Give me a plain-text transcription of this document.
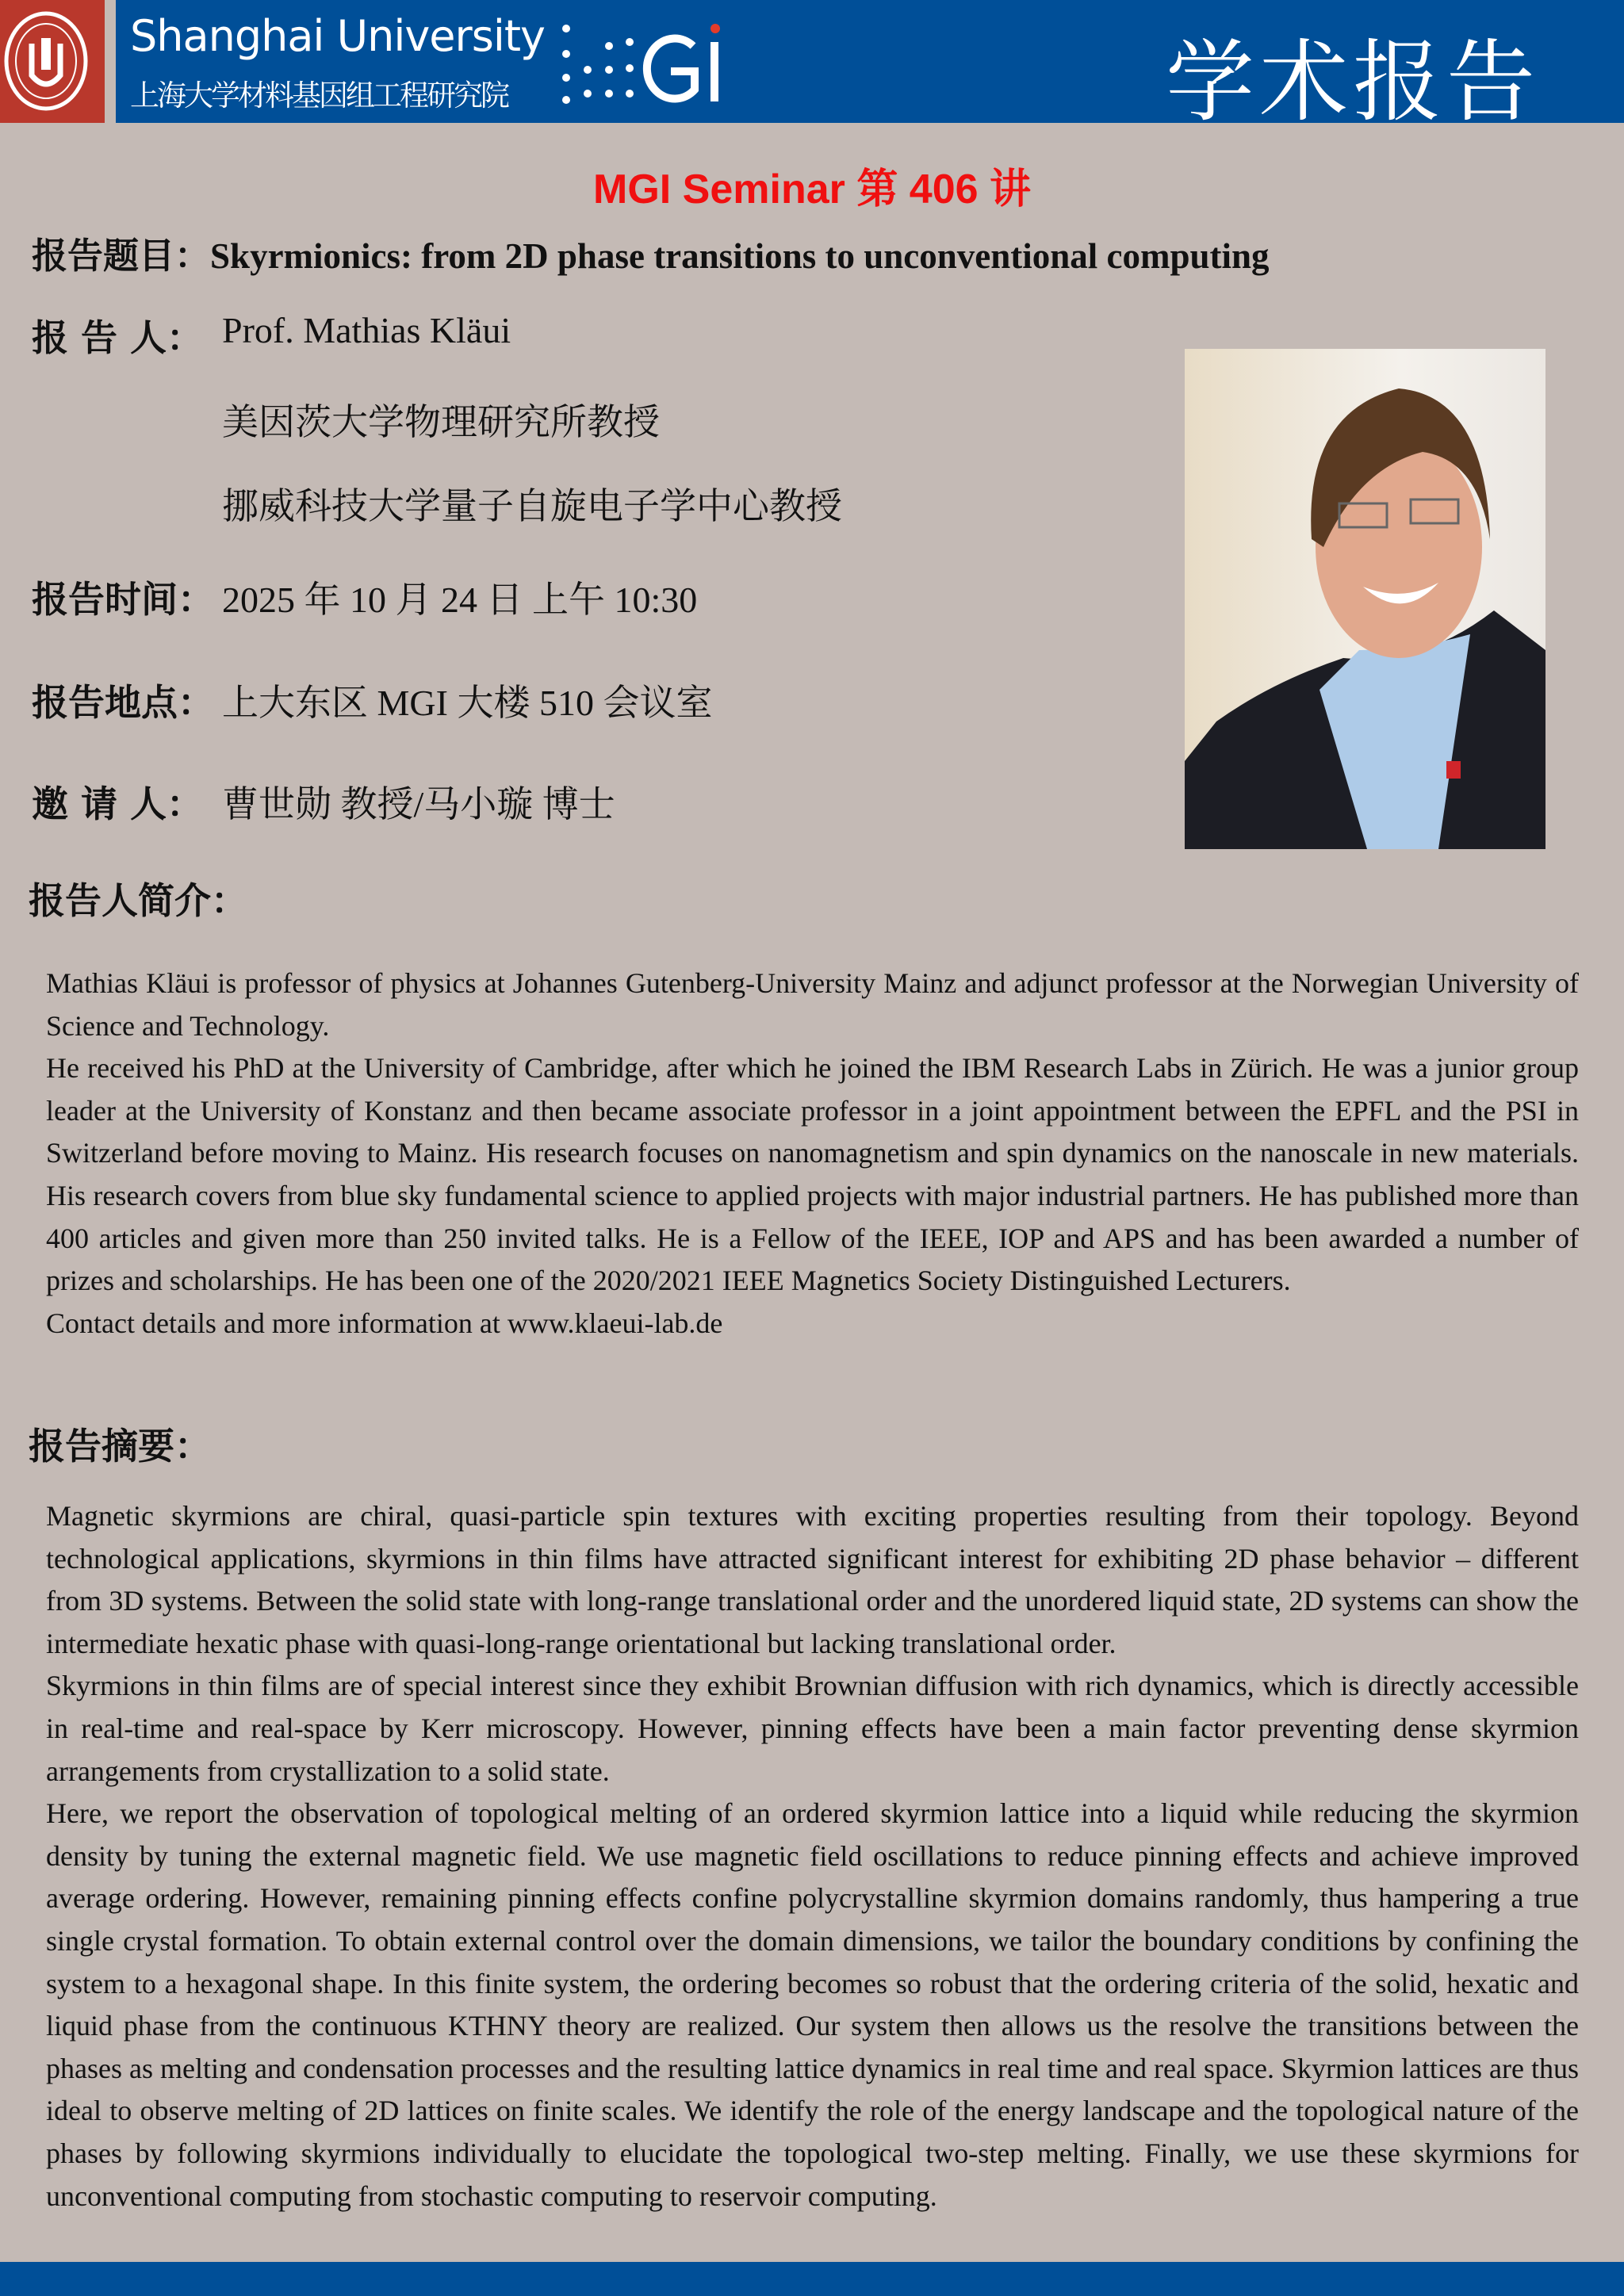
Shanghai University
上海大学材料基因组工程研究院	学术报告
MGI Seminar 第 406 讲
报告题目：Skyrmionics: from 2D phase transitions to unconventional computing
报 告 人： Prof. Mathias Kläui
美因茨大学物理研究所教授
挪威科技大学量子自旋电子学中心教授
报告时间： 2025 年 10 月 24 日 上午 10:30
报告地点： 上大东区 MGI 大楼 510 会议室
邀 请 人： 曹世勋 教授/马小璇 博士
报告人简介：

Mathias Kläui is professor of physics at Johannes Gutenberg-University Mainz and adjunct professor at the Norwegian University of Science and Technology.

He received his PhD at the University of Cambridge, after which he joined the IBM Research Labs in Zürich. He was a junior group leader at the University of Konstanz and then became associate professor in a joint appointment between the EPFL and the PSI in Switzerland before moving to Mainz. His research focuses on nanomagnetism and spin dynamics on the nanoscale in new materials. His research covers from blue sky fundamental science to applied projects with major industrial partners. He has published more than 400 articles and given more than 250 invited talks. He is a Fellow of the IEEE, IOP and APS and has been awarded a number of prizes and scholarships. He has been one of the 2020/2021 IEEE Magnetics Society Distinguished Lecturers.

Contact details and more information at www.klaeui-lab.de

报告摘要：

Magnetic skyrmions are chiral, quasi-particle spin textures with exciting properties resulting from their topology. Beyond technological applications, skyrmions in thin films have attracted significant interest for exhibiting 2D phase behavior – different from 3D systems. Between the solid state with long-range translational order and the unordered liquid state, 2D systems can show the intermediate hexatic phase with quasi-long-range orientational but lacking translational order.

Skyrmions in thin films are of special interest since they exhibit Brownian diffusion with rich dynamics, which is directly accessible in real-time and real-space by Kerr microscopy. However, pinning effects have been a main factor preventing dense skyrmion arrangements from crystallization to a solid state.

Here, we report the observation of topological melting of an ordered skyrmion lattice into a liquid while reducing the skyrmion density by tuning the external magnetic field. We use magnetic field oscillations to reduce pinning effects and achieve improved average ordering. However, remaining pinning effects confine polycrystalline skyrmion domains randomly, thus hampering a true single crystal formation. To obtain external control over the domain dimensions, we tailor the boundary conditions by confining the system to a hexagonal shape. In this finite system, the ordering becomes so robust that the ordering criteria of the solid, hexatic and liquid phase from the continuous KTHNY theory are realized. Our system then allows us the resolve the transitions between the phases as melting and condensation processes and the resulting lattice dynamics in real time and real space. Skyrmion lattices are thus ideal to observe melting of 2D lattices on finite scales. We identify the role of the energy landscape and the topological nature of the phases by following skyrmions individually to elucidate the topological two-step melting. Finally, we use these skyrmions for unconventional computing from stochastic computing to reservoir computing.
